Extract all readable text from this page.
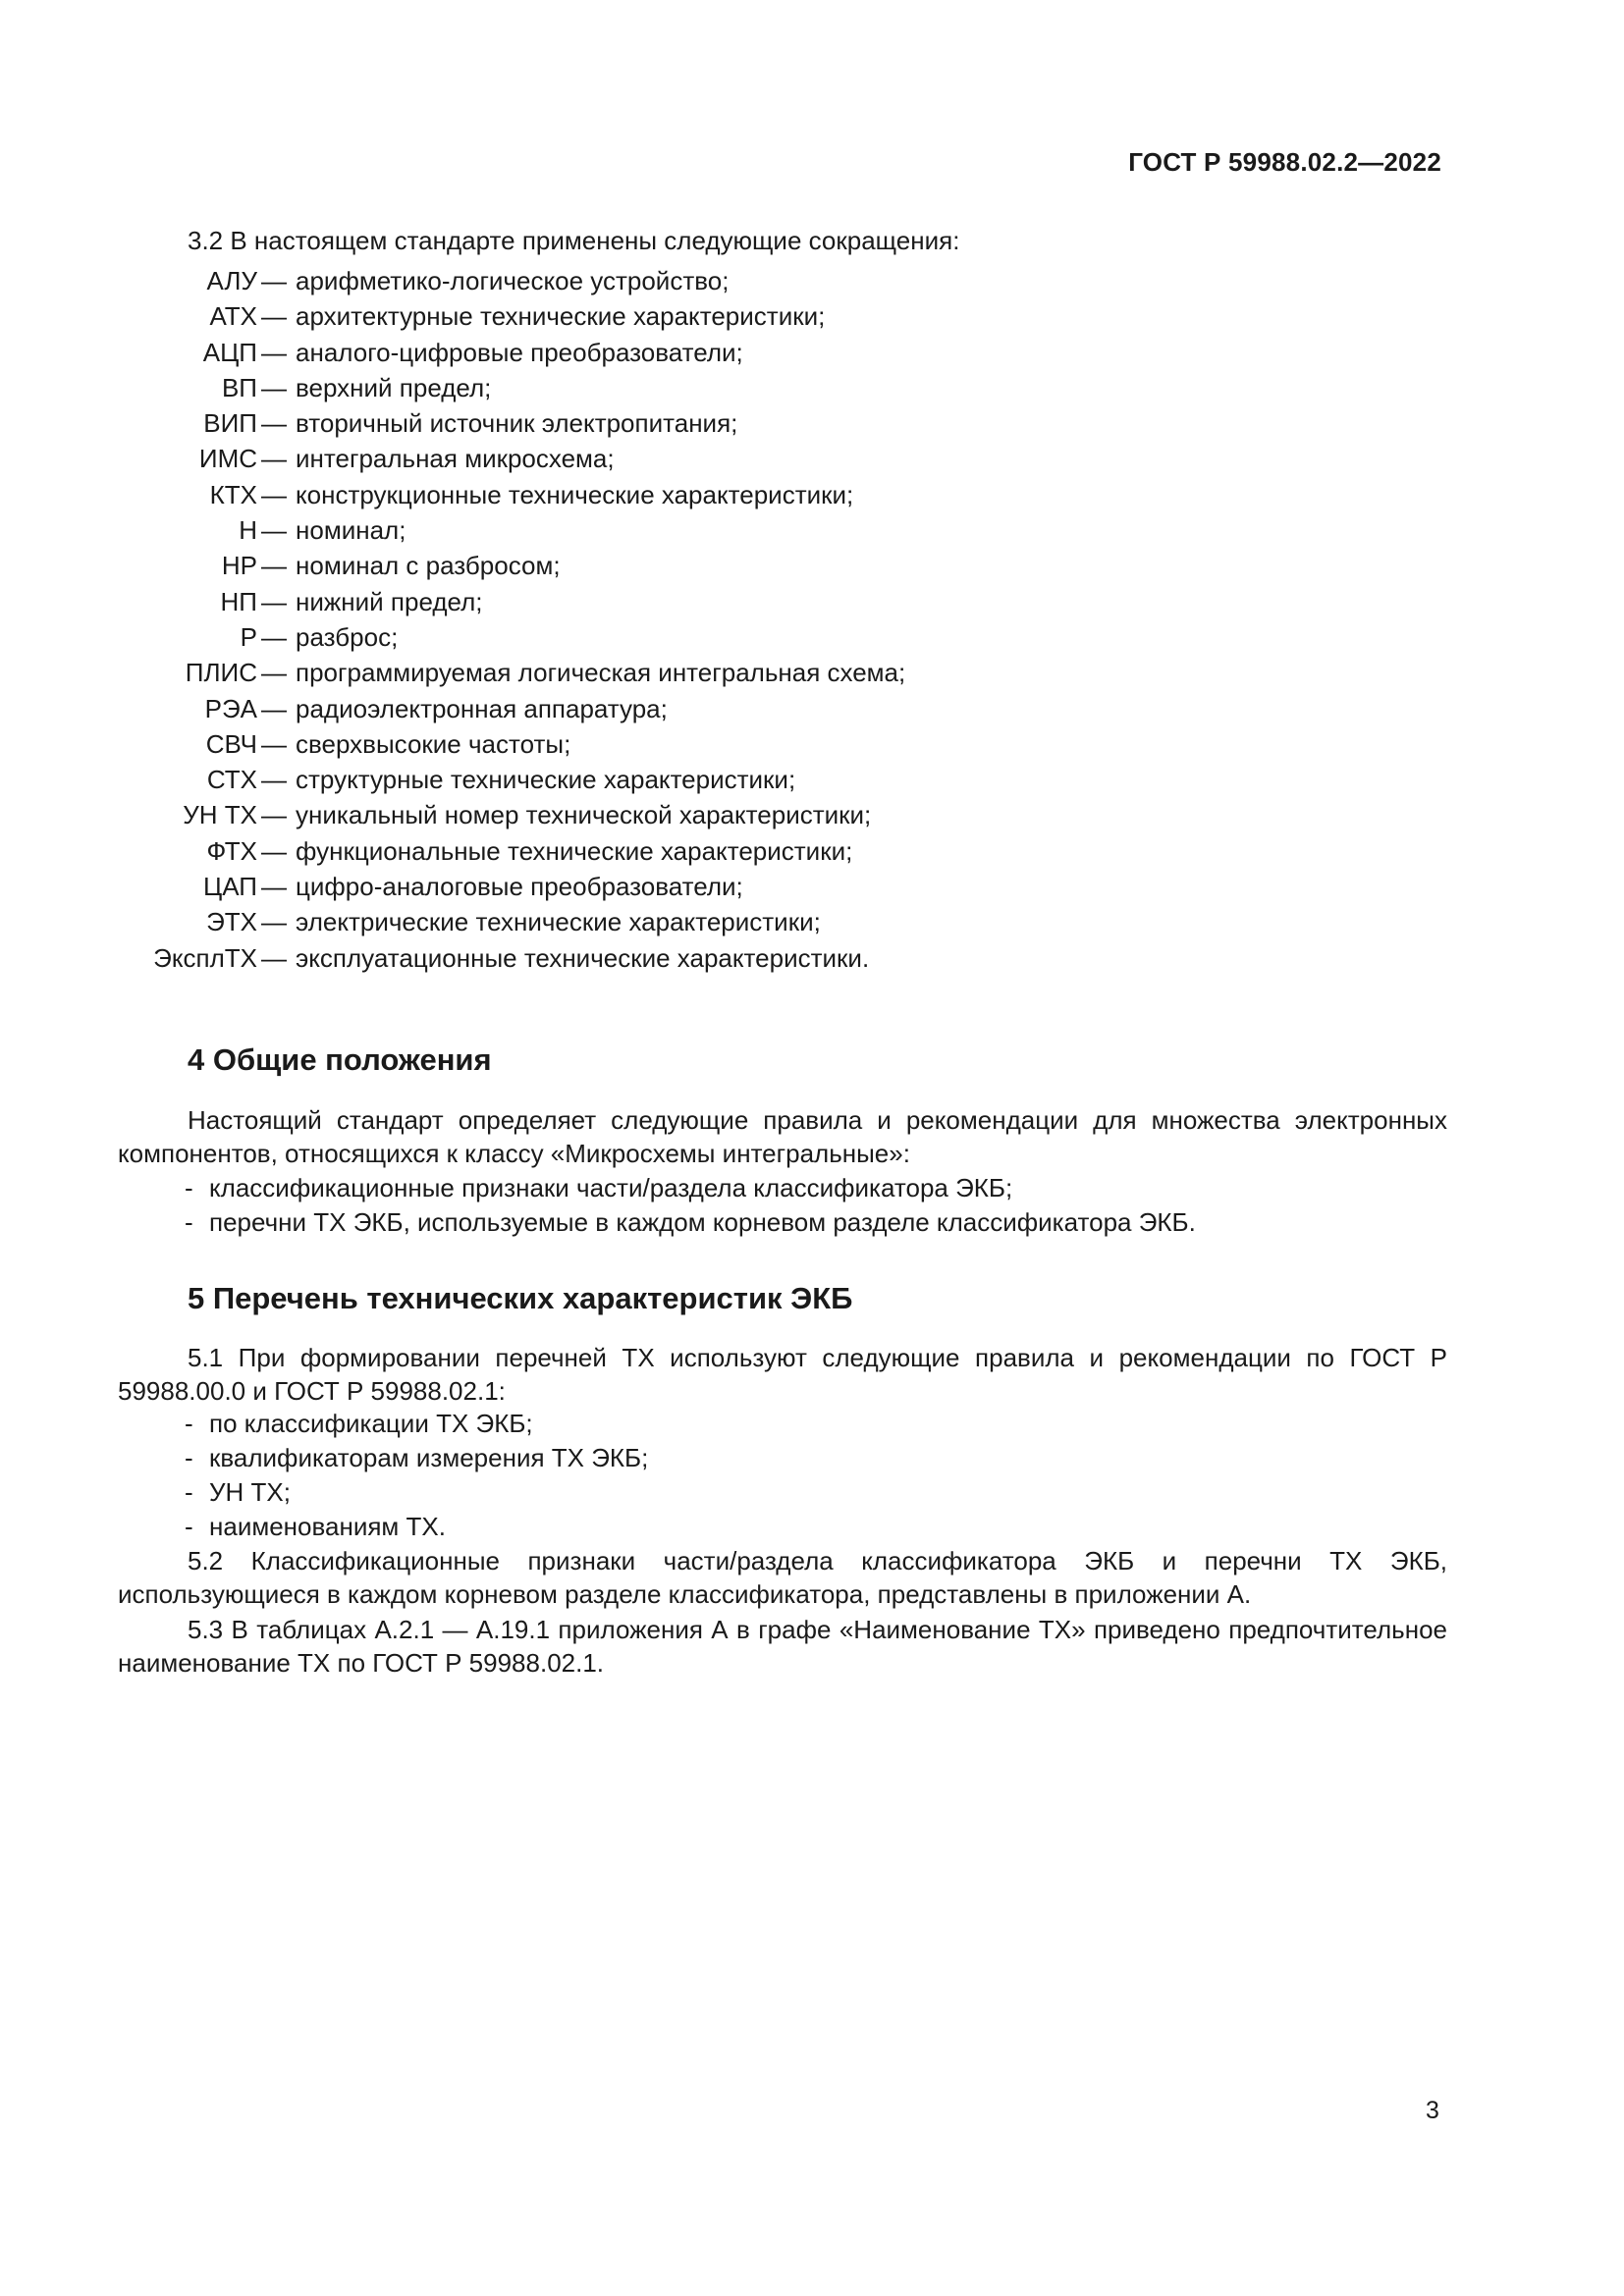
ГОСТ Р 59988.02.2—2022
3.2 В настоящем стандарте применены следующие сокращения:
АЛУ — арифметико-логическое устройство;
АТХ — архитектурные технические характеристики;
АЦП — аналого-цифровые преобразователи;
ВП — верхний предел;
ВИП — вторичный источник электропитания;
ИМС — интегральная микросхема;
КТХ — конструкционные технические характеристики;
Н — номинал;
НР — номинал с разбросом;
НП — нижний предел;
Р — разброс;
ПЛИС — программируемая логическая интегральная схема;
РЭА — радиоэлектронная аппаратура;
СВЧ — сверхвысокие частоты;
СТХ — структурные технические характеристики;
УН ТХ — уникальный номер технической характеристики;
ФТХ — функциональные технические характеристики;
ЦАП — цифро-аналоговые преобразователи;
ЭТХ — электрические технические характеристики;
ЭксплТХ — эксплуатационные технические характеристики.
4 Общие положения
Настоящий стандарт определяет следующие правила и рекомендации для множества электронных компонентов, относящихся к классу «Микросхемы интегральные»:
- классификационные признаки части/раздела классификатора ЭКБ;
- перечни ТХ ЭКБ, используемые в каждом корневом разделе классификатора ЭКБ.
5 Перечень технических характеристик ЭКБ
5.1 При формировании перечней ТХ используют следующие правила и рекомендации по ГОСТ Р 59988.00.0 и ГОСТ Р 59988.02.1:
- по классификации ТХ ЭКБ;
- квалификаторам измерения ТХ ЭКБ;
- УН ТХ;
- наименованиям ТХ.
5.2 Классификационные признаки части/раздела классификатора ЭКБ и перечни ТХ ЭКБ, использующиеся в каждом корневом разделе классификатора, представлены в приложении А.
5.3 В таблицах А.2.1 — А.19.1 приложения А в графе «Наименование ТХ» приведено предпочтительное наименование ТХ по ГОСТ Р 59988.02.1.
3
